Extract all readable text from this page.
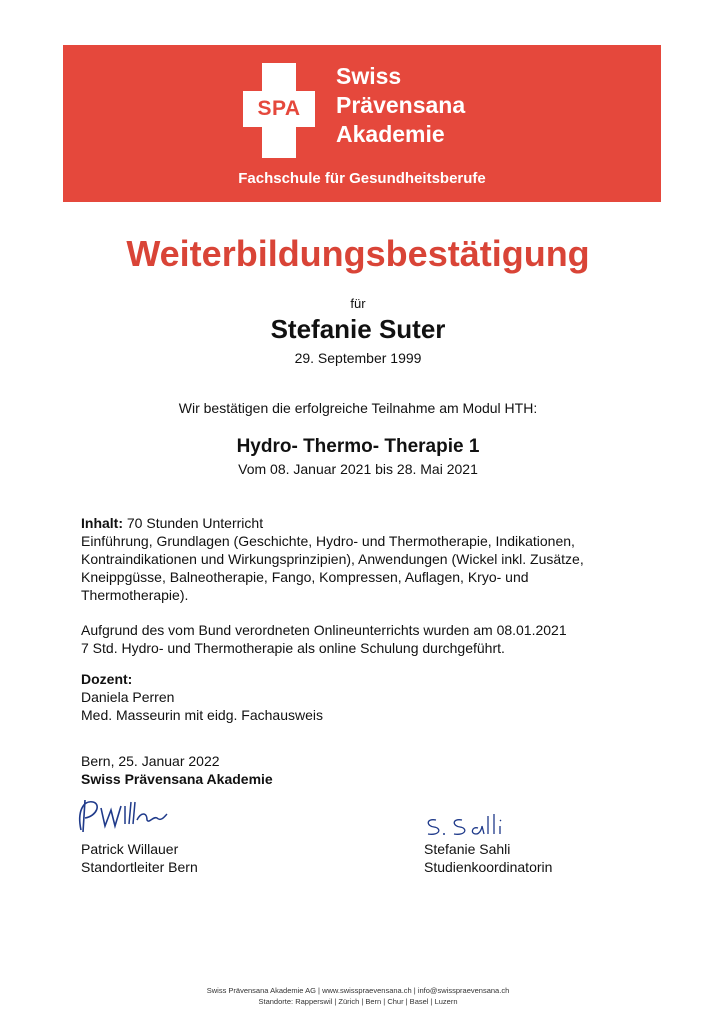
SPA
Swiss
Prävensana
Akademie
Fachschule für Gesundheitsberufe
Weiterbildungsbestätigung
für
Stefanie Suter
29. September 1999
Wir bestätigen die erfolgreiche Teilnahme am Modul HTH:
Hydro- Thermo- Therapie 1
Vom 08. Januar 2021 bis 28. Mai 2021
Inhalt: 70 Stunden Unterricht
Einführung, Grundlagen (Geschichte, Hydro- und Thermotherapie, Indikationen,
Kontraindikationen und Wirkungsprinzipien), Anwendungen (Wickel inkl. Zusätze,
Kneippgüsse, Balneotherapie, Fango, Kompressen, Auflagen, Kryo- und
Thermotherapie).
Aufgrund des vom Bund verordneten Onlineunterrichts wurden am 08.01.2021
7 Std. Hydro- und Thermotherapie als online Schulung durchgeführt.
Dozent:
Daniela Perren
Med. Masseurin mit eidg. Fachausweis
Bern, 25. Januar 2022
Swiss Prävensana Akademie
Patrick Willauer
Standortleiter Bern
Stefanie Sahli
Studienkoordinatorin
Swiss Prävensana Akademie AG | www.swisspraevensana.ch | info@swisspraevensana.ch
Standorte: Rapperswil | Zürich | Bern | Chur | Basel | Luzern
